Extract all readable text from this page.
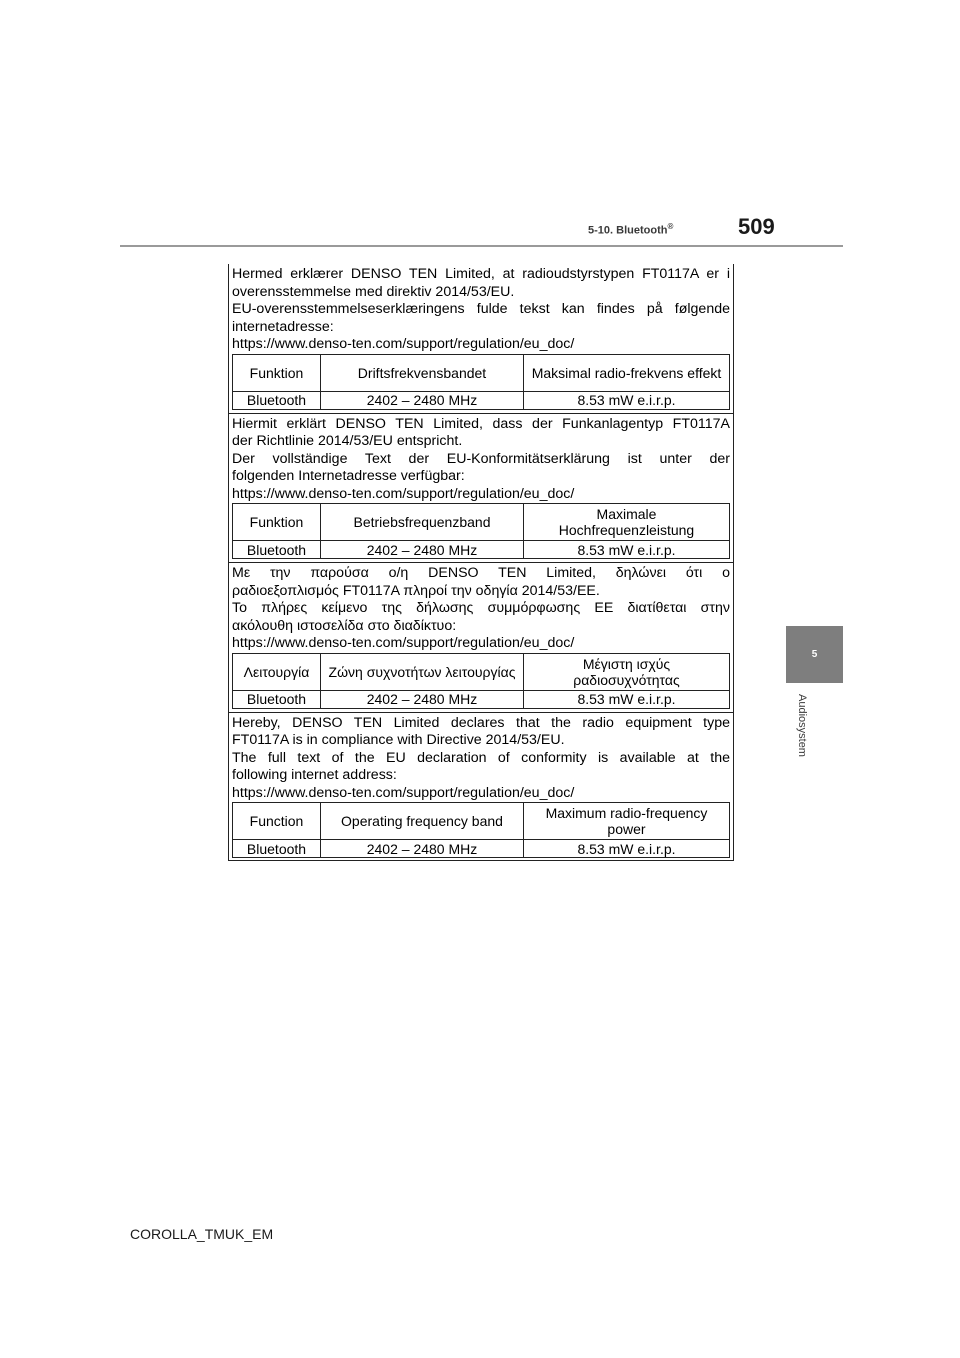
5-10. Bluetooth®	509
5
Audiosystem
Hermed erklærer DENSO TEN Limited, at radioudstyrstypen FT0117A er i
overensstemmelse med direktiv 2014/53/EU.
EU-overensstemmelseserklæringens fulde tekst kan findes på følgende
internetadresse:
https://www.denso-ten.com/support/regulation/eu_doc/
Funktion	Driftsfrekvensbandet	Maksimal radio-frekvens effekt
Bluetooth	2402 – 2480 MHz	8.53 mW e.i.r.p.
Hiermit erklärt DENSO TEN Limited, dass der Funkanlagentyp FT0117A
der Richtlinie 2014/53/EU entspricht.
Der vollständige Text der EU-Konformitätserklärung ist unter der
folgenden Internetadresse verfügbar:
https://www.denso-ten.com/support/regulation/eu_doc/
Funktion	Betriebsfrequenzband	Maximale Hochfrequenzleistung
Bluetooth	2402 – 2480 MHz	8.53 mW e.i.r.p.
Με την παρούσα ο/η DENSO TEN Limited, δηλώνει ότι ο
ραδιοεξοπλισμός FT0117A πληροί την οδηγία 2014/53/ΕΕ.
Το πλήρες κείμενο της δήλωσης συμμόρφωσης ΕΕ διατίθεται στην
ακόλουθη ιστοσελίδα στο διαδίκτυο:
https://www.denso-ten.com/support/regulation/eu_doc/
Λειτουργία	Ζώνη συχνοτήτων λειτουργίας	Μέγιστη ισχύς ραδιοσυχνότητας
Bluetooth	2402 – 2480 MHz	8.53 mW e.i.r.p.
Hereby, DENSO TEN Limited declares that the radio equipment type
FT0117A is in compliance with Directive 2014/53/EU.
The full text of the EU declaration of conformity is available at the
following internet address:
https://www.denso-ten.com/support/regulation/eu_doc/
Function	Operating frequency band	Maximum radio-frequency power
Bluetooth	2402 – 2480 MHz	8.53 mW e.i.r.p.
COROLLA_TMUK_EM
